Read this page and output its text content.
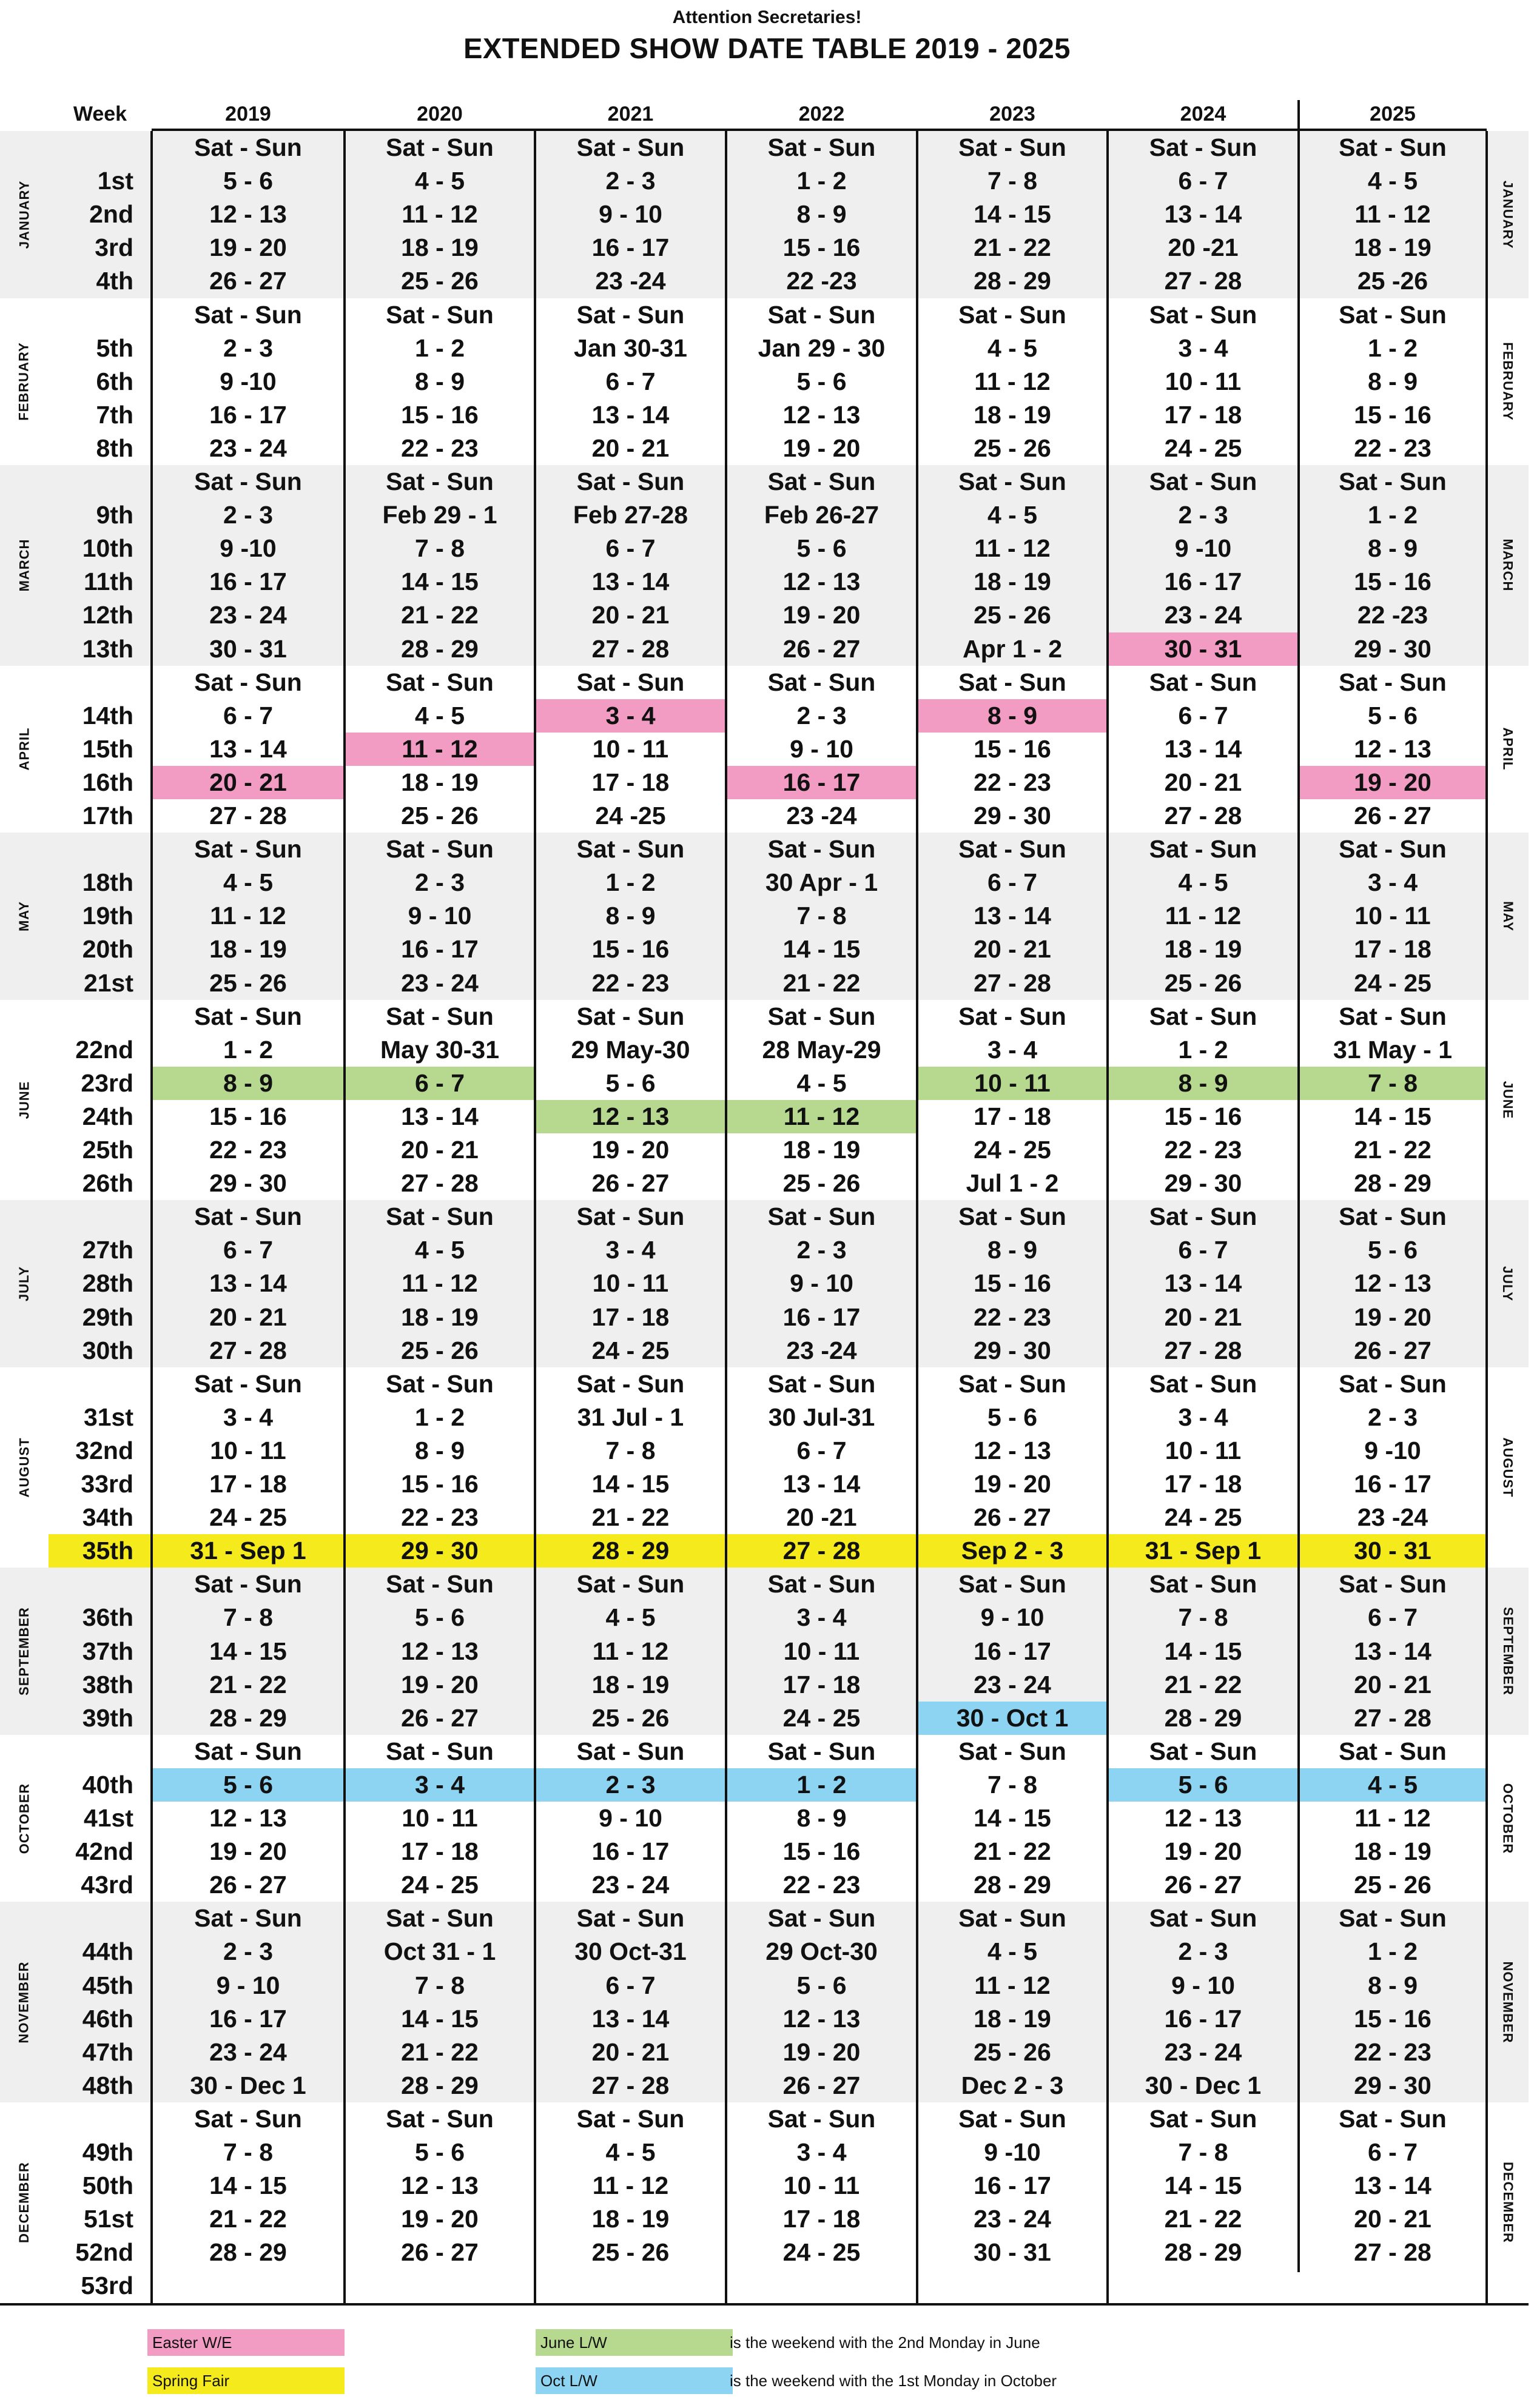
Attention Secretaries!
EXTENDED SHOW DATE TABLE 2019 - 2025
Week	2019	2020	2021	2022	2023	2024	2025
Sat - Sun	Sat - Sun	Sat - Sun	Sat - Sun	Sat - Sun	Sat - Sun	Sat - Sun
1st	5 - 6	4 - 5	2 - 3	1 - 2	7 - 8	6 - 7	4 - 5
2nd	12 - 13	11 - 12	9 - 10	8 - 9	14 - 15	13 - 14	11 - 12
3rd	19 - 20	18 - 19	16 - 17	15 - 16	21 - 22	20 -21	18 - 19
4th	26 - 27	25 - 26	23 -24	22 -23	28 - 29	27 - 28	25 -26
JANUARY	JANUARY
Sat - Sun	Sat - Sun	Sat - Sun	Sat - Sun	Sat - Sun	Sat - Sun	Sat - Sun
5th	2 - 3	1 - 2	Jan 30-31	Jan 29 - 30	4 - 5	3 - 4	1 - 2
6th	9 -10	8 - 9	6 - 7	5 - 6	11 - 12	10 - 11	8 - 9
7th	16 - 17	15 - 16	13 - 14	12 - 13	18 - 19	17 - 18	15 - 16
8th	23 - 24	22 - 23	20 - 21	19 - 20	25 - 26	24 - 25	22 - 23
FEBRUARY	FEBRUARY
Sat - Sun	Sat - Sun	Sat - Sun	Sat - Sun	Sat - Sun	Sat - Sun	Sat - Sun
9th	2 - 3	Feb 29 - 1	Feb 27-28	Feb 26-27	4 - 5	2 - 3	1 - 2
10th	9 -10	7 - 8	6 - 7	5 - 6	11 - 12	9 -10	8 - 9
11th	16 - 17	14 - 15	13 - 14	12 - 13	18 - 19	16 - 17	15 - 16
12th	23 - 24	21 - 22	20 - 21	19 - 20	25 - 26	23 - 24	22 -23
13th	30 - 31	28 - 29	27 - 28	26 - 27	Apr 1 - 2	30 - 31	29 - 30
MARCH	MARCH
Sat - Sun	Sat - Sun	Sat - Sun	Sat - Sun	Sat - Sun	Sat - Sun	Sat - Sun
14th	6 - 7	4 - 5	3 - 4	2 - 3	8 - 9	6 - 7	5 - 6
15th	13 - 14	11 - 12	10 - 11	9 - 10	15 - 16	13 - 14	12 - 13
16th	20 - 21	18 - 19	17 - 18	16 - 17	22 - 23	20 - 21	19 - 20
17th	27 - 28	25 - 26	24 -25	23 -24	29 - 30	27 - 28	26 - 27
APRIL	APRIL
Sat - Sun	Sat - Sun	Sat - Sun	Sat - Sun	Sat - Sun	Sat - Sun	Sat - Sun
18th	4 - 5	2 - 3	1 - 2	30 Apr - 1	6 - 7	4 - 5	3 - 4
19th	11 - 12	9 - 10	8 - 9	7 - 8	13 - 14	11 - 12	10 - 11
20th	18 - 19	16 - 17	15 - 16	14 - 15	20 - 21	18 - 19	17 - 18
21st	25 - 26	23 - 24	22 - 23	21 - 22	27 - 28	25 - 26	24 - 25
MAY	MAY
Sat - Sun	Sat - Sun	Sat - Sun	Sat - Sun	Sat - Sun	Sat - Sun	Sat - Sun
22nd	1 - 2	May 30-31	29 May-30	28 May-29	3 - 4	1 - 2	31 May - 1
23rd	8 - 9	6 - 7	5 - 6	4 - 5	10 - 11	8 - 9	7 - 8
24th	15 - 16	13 - 14	12 - 13	11 - 12	17 - 18	15 - 16	14 - 15
25th	22 - 23	20 - 21	19 - 20	18 - 19	24 - 25	22 - 23	21 - 22
26th	29 - 30	27 - 28	26 - 27	25 - 26	Jul 1 - 2	29 - 30	28 - 29
JUNE	JUNE
Sat - Sun	Sat - Sun	Sat - Sun	Sat - Sun	Sat - Sun	Sat - Sun	Sat - Sun
27th	6 - 7	4 - 5	3 - 4	2 - 3	8 - 9	6 - 7	5 - 6
28th	13 - 14	11 - 12	10 - 11	9 - 10	15 - 16	13 - 14	12 - 13
29th	20 - 21	18 - 19	17 - 18	16 - 17	22 - 23	20 - 21	19 - 20
30th	27 - 28	25 - 26	24 - 25	23 -24	29 - 30	27 - 28	26 - 27
JULY	JULY
Sat - Sun	Sat - Sun	Sat - Sun	Sat - Sun	Sat - Sun	Sat - Sun	Sat - Sun
31st	3 - 4	1 - 2	31 Jul - 1	30 Jul-31	5 - 6	3 - 4	2 - 3
32nd	10 - 11	8 - 9	7 - 8	6 - 7	12 - 13	10 - 11	9 -10
33rd	17 - 18	15 - 16	14 - 15	13 - 14	19 - 20	17 - 18	16 - 17
34th	24 - 25	22 - 23	21 - 22	20 -21	26 - 27	24 - 25	23 -24
35th	31 - Sep 1	29 - 30	28 - 29	27 - 28	Sep 2 - 3	31 - Sep 1	30 - 31
AUGUST	AUGUST
Sat - Sun	Sat - Sun	Sat - Sun	Sat - Sun	Sat - Sun	Sat - Sun	Sat - Sun
36th	7 - 8	5 - 6	4 - 5	3 - 4	9 - 10	7 - 8	6 - 7
37th	14 - 15	12 - 13	11 - 12	10 - 11	16 - 17	14 - 15	13 - 14
38th	21 - 22	19 - 20	18 - 19	17 - 18	23 - 24	21 - 22	20 - 21
39th	28 - 29	26 - 27	25 - 26	24 - 25	30 - Oct 1	28 - 29	27 - 28
SEPTEMBER	SEPTEMBER
Sat - Sun	Sat - Sun	Sat - Sun	Sat - Sun	Sat - Sun	Sat - Sun	Sat - Sun
40th	5 - 6	3 - 4	2 - 3	1 - 2	7 - 8	5 - 6	4 - 5
41st	12 - 13	10 - 11	9 - 10	8 - 9	14 - 15	12 - 13	11 - 12
42nd	19 - 20	17 - 18	16 - 17	15 - 16	21 - 22	19 - 20	18 - 19
43rd	26 - 27	24 - 25	23 - 24	22 - 23	28 - 29	26 - 27	25 - 26
OCTOBER	OCTOBER
Sat - Sun	Sat - Sun	Sat - Sun	Sat - Sun	Sat - Sun	Sat - Sun	Sat - Sun
44th	2 - 3	Oct 31 - 1	30 Oct-31	29 Oct-30	4 - 5	2 - 3	1 - 2
45th	9 - 10	7 - 8	6 - 7	5 - 6	11 - 12	9 - 10	8 - 9
46th	16 - 17	14 - 15	13 - 14	12 - 13	18 - 19	16 - 17	15 - 16
47th	23 - 24	21 - 22	20 - 21	19 - 20	25 - 26	23 - 24	22 - 23
48th	30 - Dec 1	28 - 29	27 - 28	26 - 27	Dec 2 - 3	30 - Dec 1	29 - 30
NOVEMBER	NOVEMBER
Sat - Sun	Sat - Sun	Sat - Sun	Sat - Sun	Sat - Sun	Sat - Sun	Sat - Sun
49th	7 - 8	5 - 6	4 - 5	3 - 4	9 -10	7 - 8	6 - 7
50th	14 - 15	12 - 13	11 - 12	10 - 11	16 - 17	14 - 15	13 - 14
51st	21 - 22	19 - 20	18 - 19	17 - 18	23 - 24	21 - 22	20 - 21
52nd	28 - 29	26 - 27	25 - 26	24 - 25	30 - 31	28 - 29	27 - 28
53rd
DECEMBER	DECEMBER
Easter W/E
Spring Fair
June L/W	is the weekend with the 2nd Monday in June
Oct L/W	is the weekend with the 1st Monday in October
